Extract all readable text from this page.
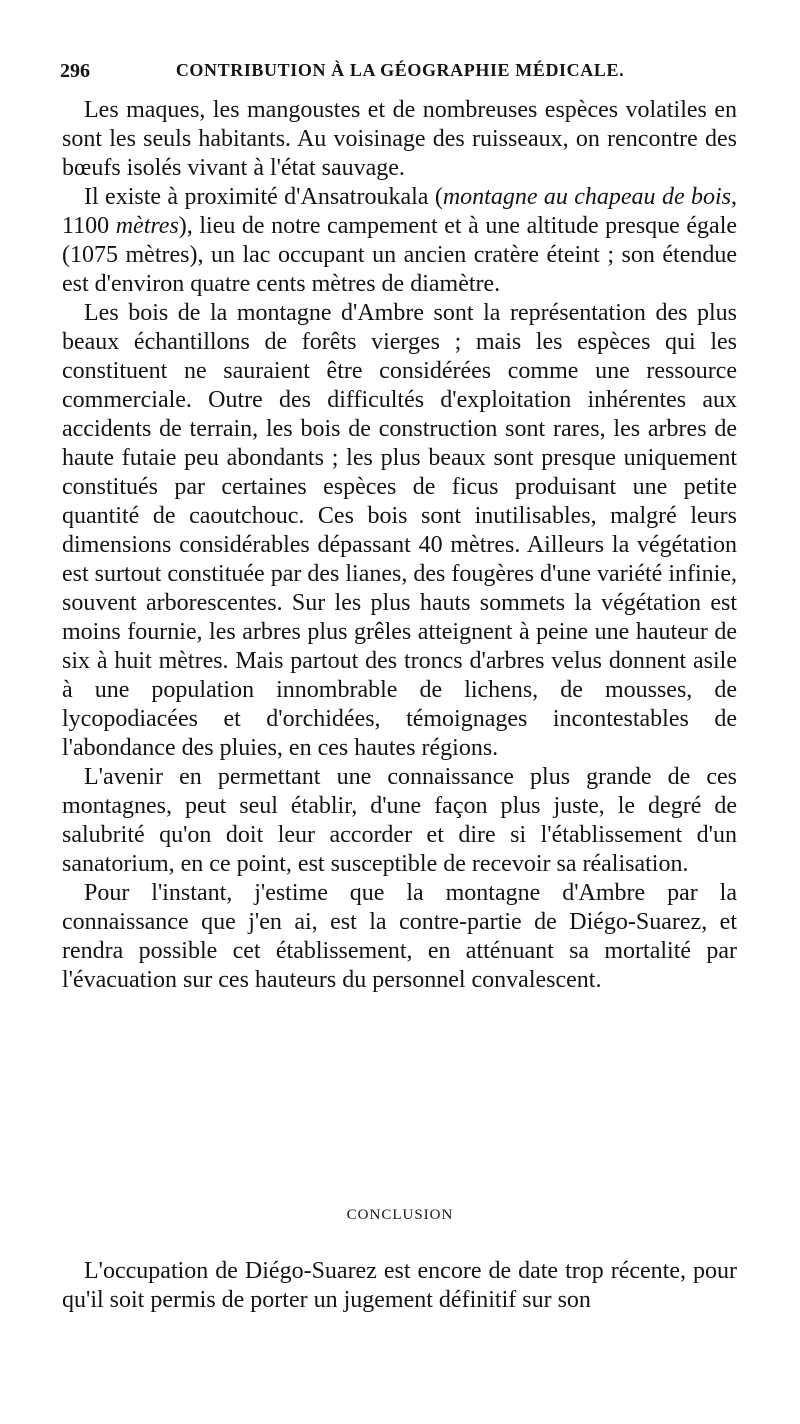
296	CONTRIBUTION À LA GÉOGRAPHIE MÉDICALE.

Les maques, les mangoustes et de nombreuses espèces volatiles en sont les seuls habitants. Au voisinage des ruisseaux, on rencontre des bœufs isolés vivant à l'état sauvage.

Il existe à proximité d'Ansatroukala (montagne au chapeau de bois, 1100 mètres), lieu de notre campement et à une altitude presque égale (1075 mètres), un lac occupant un ancien cratère éteint ; son étendue est d'environ quatre cents mètres de diamètre.

Les bois de la montagne d'Ambre sont la représentation des plus beaux échantillons de forêts vierges ; mais les espèces qui les constituent ne sauraient être considérées comme une ressource commerciale. Outre des difficultés d'exploitation inhérentes aux accidents de terrain, les bois de construction sont rares, les arbres de haute futaie peu abondants ; les plus beaux sont presque uniquement constitués par certaines espèces de ficus produisant une petite quantité de caoutchouc. Ces bois sont inutilisables, malgré leurs dimensions considérables dépassant 40 mètres. Ailleurs la végétation est surtout constituée par des lianes, des fougères d'une variété infinie, souvent arborescentes. Sur les plus hauts sommets la végétation est moins fournie, les arbres plus grêles atteignent à peine une hauteur de six à huit mètres. Mais partout des troncs d'arbres velus donnent asile à une population innombrable de lichens, de mousses, de lycopodiacées et d'orchidées, témoignages incontestables de l'abondance des pluies, en ces hautes régions.

L'avenir en permettant une connaissance plus grande de ces montagnes, peut seul établir, d'une façon plus juste, le degré de salubrité qu'on doit leur accorder et dire si l'établissement d'un sanatorium, en ce point, est susceptible de recevoir sa réalisation.

Pour l'instant, j'estime que la montagne d'Ambre par la connaissance que j'en ai, est la contre-partie de Diégo-Suarez, et rendra possible cet établissement, en atténuant sa mortalité par l'évacuation sur ces hauteurs du personnel convalescent.

CONCLUSION

L'occupation de Diégo-Suarez est encore de date trop récente, pour qu'il soit permis de porter un jugement définitif sur son
